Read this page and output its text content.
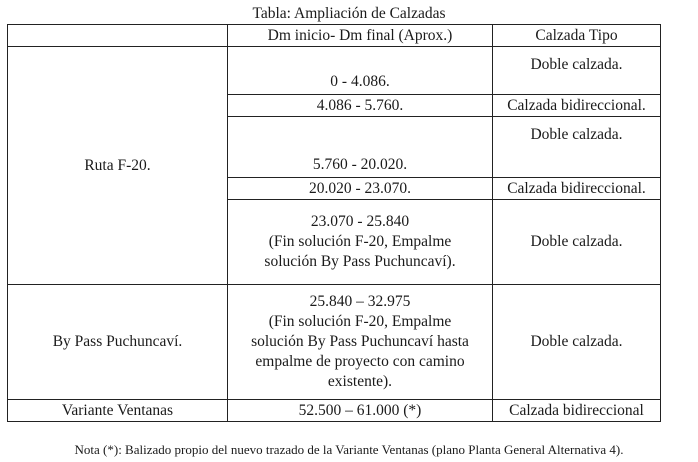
Tabla: Ampliación de Calzadas
	Dm inicio- Dm final (Aprox.)	Calzada Tipo
Ruta F-20.	0 - 4.086.	Doble calzada.
	4.086 - 5.760.	Calzada bidireccional.
	5.760 - 20.020.	Doble calzada.
	20.020 - 23.070.	Calzada bidireccional.

	23.070 - 25.840
(Fin solución F-20, Empalme
solución By Pass Puchuncaví).	Doble calzada.
By Pass Puchuncaví.	25.840 – 32.975
(Fin solución F-20, Empalme
solución By Pass Puchuncaví hasta
empalme de proyecto con camino
existente).	Doble calzada.
Variante Ventanas	52.500 – 61.000 (*)	Calzada bidireccional
Nota (*): Balizado propio del nuevo trazado de la Variante Ventanas (plano Planta General Alternativa 4).
